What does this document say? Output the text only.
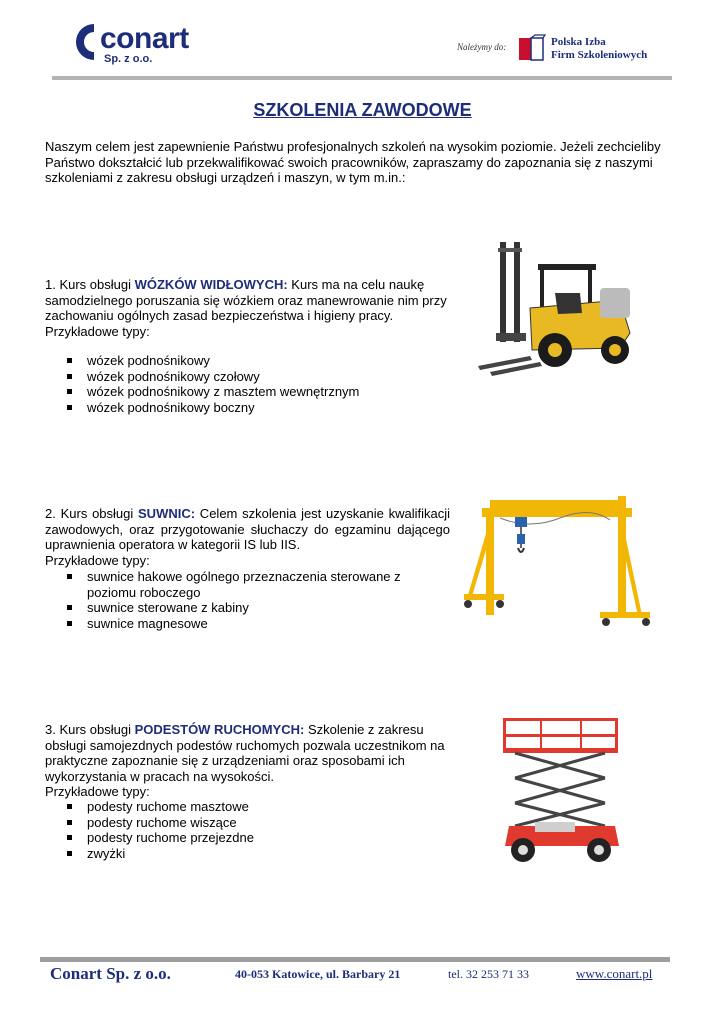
conart
Sp. z o.o.
Należymy do:	Polska Izba
Firm Szkoleniowych
SZKOLENIA ZAWODOWE
Naszym celem jest zapewnienie Państwu profesjonalnych szkoleń na wysokim poziomie. Jeżeli zechcieliby Państwo dokształcić lub przekwalifikować swoich pracowników, zapraszamy do zapoznania się z naszymi szkoleniami z zakresu obsługi urządzeń i maszyn, w tym m.in.:
1. Kurs obsługi WÓZKÓW WIDŁOWYCH: Kurs ma na celu naukę samodzielnego poruszania się wózkiem oraz manewrowanie nim przy zachowaniu ogólnych zasad bezpieczeństwa i higieny pracy.
Przykładowe typy:
wózek podnośnikowy
wózek podnośnikowy czołowy
wózek podnośnikowy z masztem wewnętrznym
wózek podnośnikowy boczny
2. Kurs obsługi SUWNIC: Celem szkolenia jest uzyskanie kwalifikacji zawodowych, oraz przygotowanie słuchaczy do egzaminu dającego uprawnienia operatora w kategorii IS lub IIS.
Przykładowe typy:
suwnice hakowe ogólnego przeznaczenia sterowane z poziomu roboczego
suwnice sterowane z kabiny
suwnice magnesowe
3. Kurs obsługi PODESTÓW RUCHOMYCH: Szkolenie z zakresu obsługi samojezdnych podestów ruchomych pozwala uczestnikom na praktyczne zapoznanie się z urządzeniami oraz sposobami ich wykorzystania w pracach na wysokości.
Przykładowe typy:
podesty ruchome masztowe
podesty ruchome wiszące
podesty ruchome przejezdne
zwyżki
Conart Sp. z o.o.	40-053 Katowice, ul. Barbary 21	tel. 32 253 71 33	www.conart.pl
